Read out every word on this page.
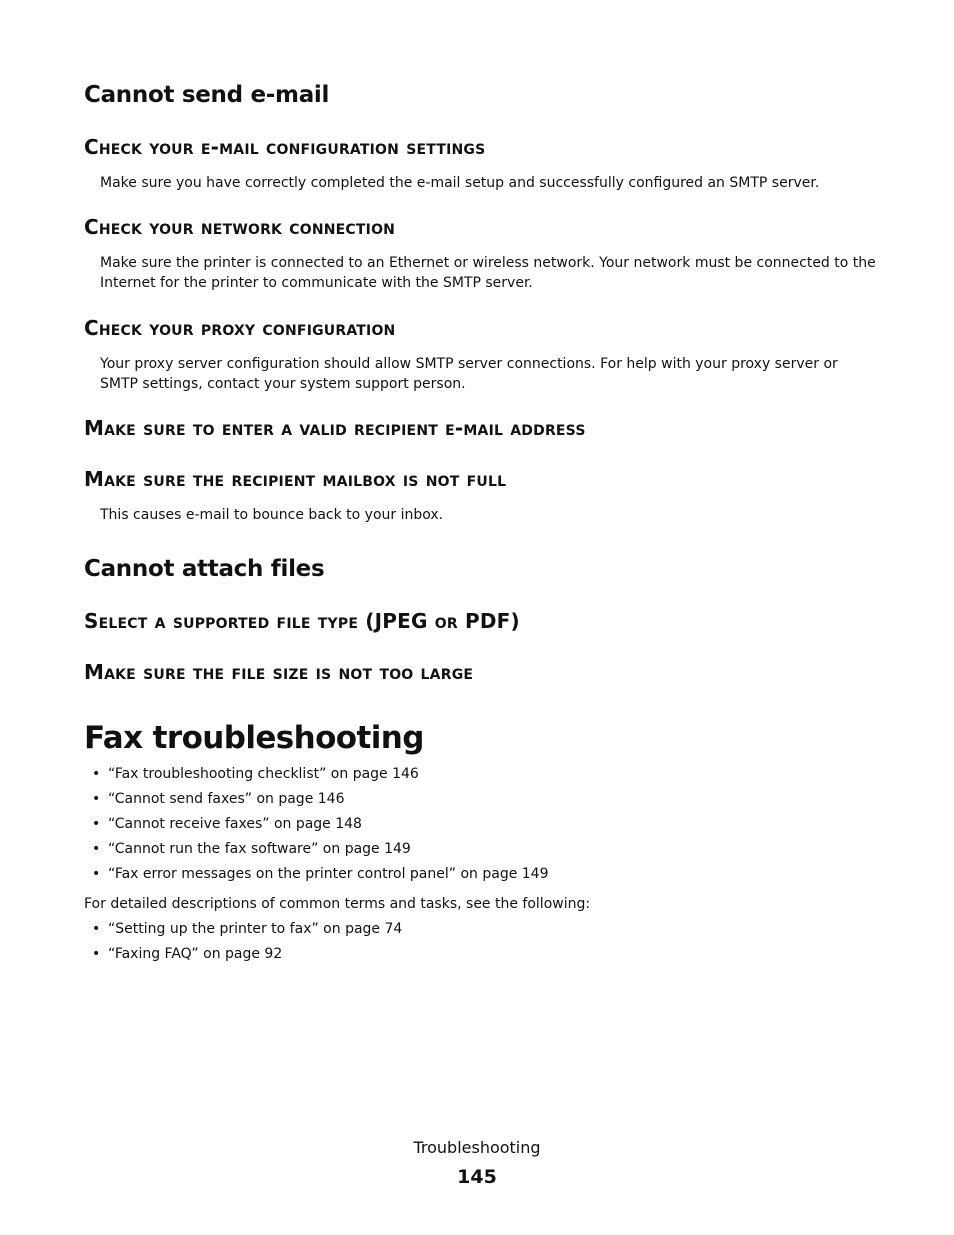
Cannot send e-mail
Check your e-mail configuration settings

Make sure you have correctly completed the e-mail setup and successfully configured an SMTP server.

Check your network connection

Make sure the printer is connected to an Ethernet or wireless network. Your network must be connected to the Internet for the printer to communicate with the SMTP server.

Check your proxy configuration

Your proxy server configuration should allow SMTP server connections. For help with your proxy server or SMTP settings, contact your system support person.

Make sure to enter a valid recipient e-mail address
Make sure the recipient mailbox is not full

This causes e-mail to bounce back to your inbox.

Cannot attach files
Select a supported file type (JPEG or PDF)
Make sure the file size is not too large
Fax troubleshooting
• “Fax troubleshooting checklist” on page 146
• “Cannot send faxes” on page 146
• “Cannot receive faxes” on page 148
• “Cannot run the fax software” on page 149
• “Fax error messages on the printer control panel” on page 149

For detailed descriptions of common terms and tasks, see the following:

• “Setting up the printer to fax” on page 74
• “Faxing FAQ” on page 92

Troubleshooting

145
